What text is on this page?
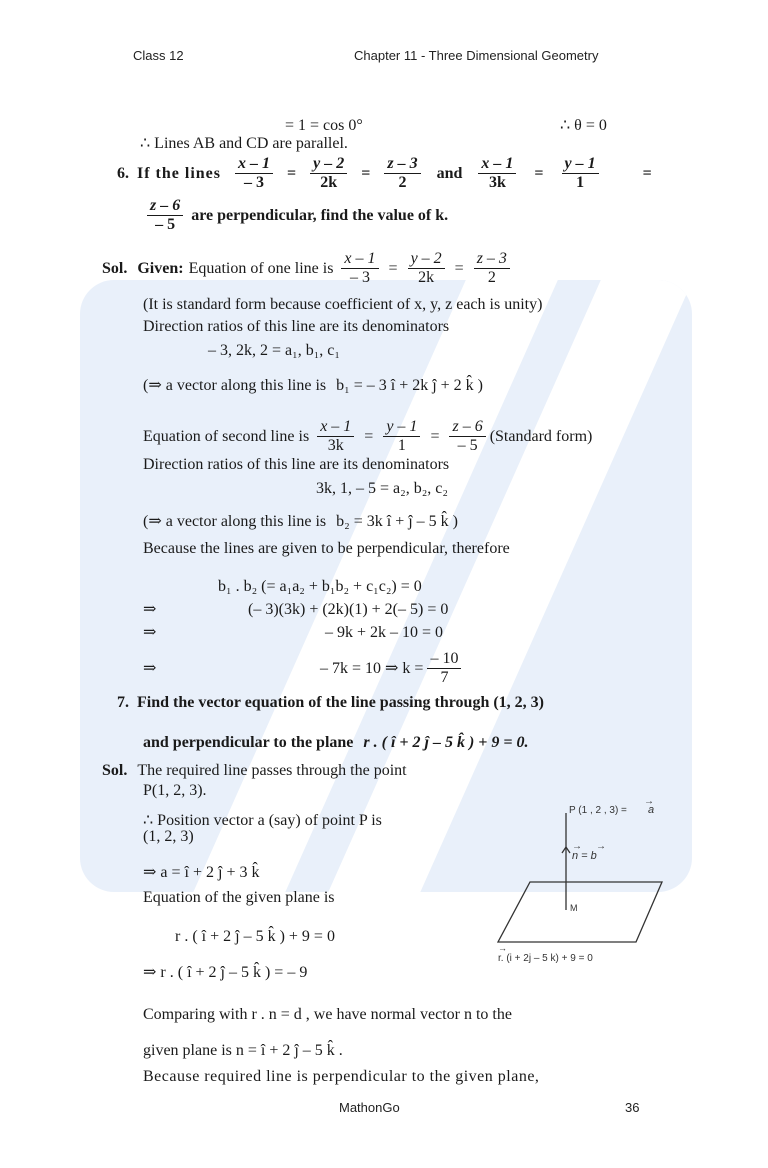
Class 12	Chapter 11 - Three Dimensional Geometry
= 1 = cos 0°	∴ θ = 0
∴ Lines AB and CD are parallel.
6. If the lines $\frac{x - 1}{- 3} = \frac{y - 2}{2k} = \frac{z - 3}{2}$ and $\frac{x - 1}{3k} = \frac{y - 1}{1}$	=
$\frac{z - 6}{- 5}$ are perpendicular, find the value of k.
Sol. Given: Equation of one line is $\frac{x - 1}{- 3} = \frac{y - 2}{2k} = \frac{z - 3}{2}$
(It is standard form because coefficient of x, y, z each is unity)
Direction ratios of this line are its denominators
– 3, 2k, 2 = a₁, b₁, c₁
(⇒ a vector along this line is b₁ = – 3 î + 2k ĵ + 2 k̂ )
Equation of second line is $\frac{x - 1}{3k} = \frac{y - 1}{1} = \frac{z - 6}{- 5}$ (Standard form)
Direction ratios of this line are its denominators
3k, 1, – 5 = a₂, b₂, c₂
(⇒ a vector along this line is b₂ = 3k î + ĵ – 5 k̂ )
Because the lines are given to be perpendicular, therefore
b₁ . b₂ (= a₁a₂ + b₁b₂ + c₁c₂) = 0
⇒	(– 3)(3k) + (2k)(1) + 2(– 5) = 0
⇒	– 9k + 2k – 10 = 0
⇒	– 7k = 10 ⇒ $k = \frac{- 10}{7}$
7. Find the vector equation of the line passing through (1, 2, 3)
and perpendicular to the plane r . ( î + 2 ĵ – 5 k̂ ) + 9 = 0.
Sol. The required line passes through the point
P(1, 2, 3).
∴ Position vector a (say) of point P is
(1, 2, 3)
⇒ a = î + 2 ĵ + 3 k̂
Equation of the given plane is
r . ( î + 2 ĵ – 5 k̂ ) + 9 = 0
⇒ r . ( î + 2 ĵ – 5 k̂ ) = – 9
Comparing with r . n = d , we have normal vector n to the
given plane is n = î + 2 ĵ – 5 k̂ .
Because required line is perpendicular to the given plane,
P (1 , 2 , 3) = a
→
n = b
→ →
M
r. (i + 2j – 5 k) + 9 = 0
→
MathonGo	36
